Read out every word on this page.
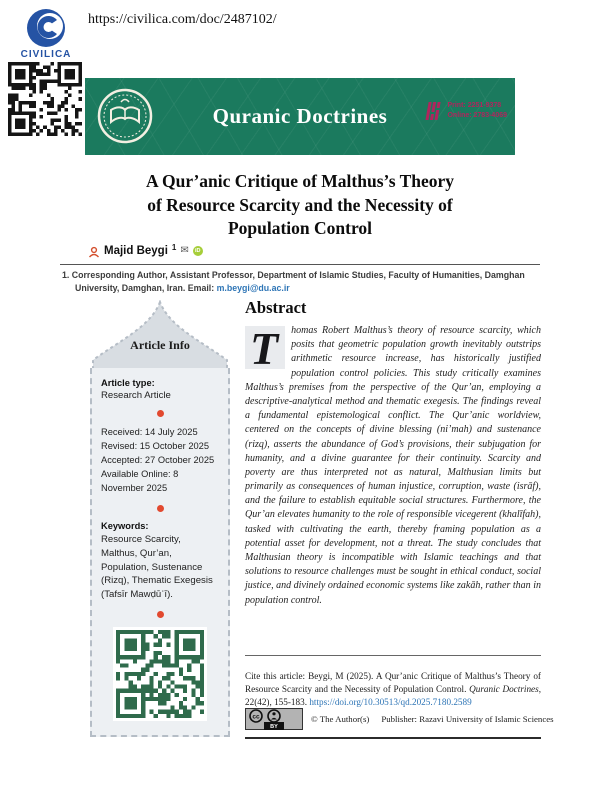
CIVILICA
https://civilica.com/doc/2487102/
Quranic Doctrines	Print: 2251-9378
Online: 2783-4069
A Qur’anic Critique of Malthus’s Theory
of Resource Scarcity and the Necessity of
Population Control
Majid Beygi 1 ✉	iD
1. Corresponding Author, Assistant Professor, Department of Islamic Studies, Faculty of Humanities, Damghan University, Damghan, Iran. Email: m.beygi@du.ac.ir
Article Info
Article type:
Research Article
Received: 14 July 2025
Revised: 15 October 2025
Accepted: 27 October 2025
Available Online: 8 November 2025
Keywords:
Resource Scarcity, Malthus, Qur’an, Population, Sustenance (Rizq), Thematic Exegesis (Tafsīr Mawḍūʿī).
Abstract
T	homas Robert Malthus’s theory of resource scarcity, which posits that geometric population growth inevitably outstrips arithmetic resource increase, has historically justified population control policies. This study critically examines Malthus’s premises from the perspective of the Qur’an, employing a descriptive-analytical method and thematic exegesis. The findings reveal a fundamental epistemological conflict. The Qur’anic worldview, centered on the concepts of divine blessing (ni’mah) and sustenance (rizq), asserts the abundance of God’s provisions, their subjugation for humanity, and a divine guarantee for their continuity. Scarcity and poverty are thus interpreted not as natural, Malthusian limits but primarily as consequences of human injustice, corruption, waste (isrāf), and the failure to establish equitable social structures. Furthermore, the Qur’an elevates humanity to the role of responsible vicegerent (khalīfah), tasked with cultivating the earth, thereby framing population as a potential asset for development, not a threat. The study concludes that Malthusian theory is incompatible with Islamic teachings and that solutions to resource challenges must be sought in ethical conduct, social justice, and divinely ordained economic systems like zakāh, rather than in population control.

Cite this article: Beygi, M (2025). A Qur’anic Critique of Malthus’s Theory of Resource Scarcity and the Necessity of Population Control. Quranic Doctrines, 22(42), 155-183. https://doi.org/10.30513/qd.2025.7180.2589

cc
BY
© The Author(s) Publisher: Razavi University of Islamic Sciences
